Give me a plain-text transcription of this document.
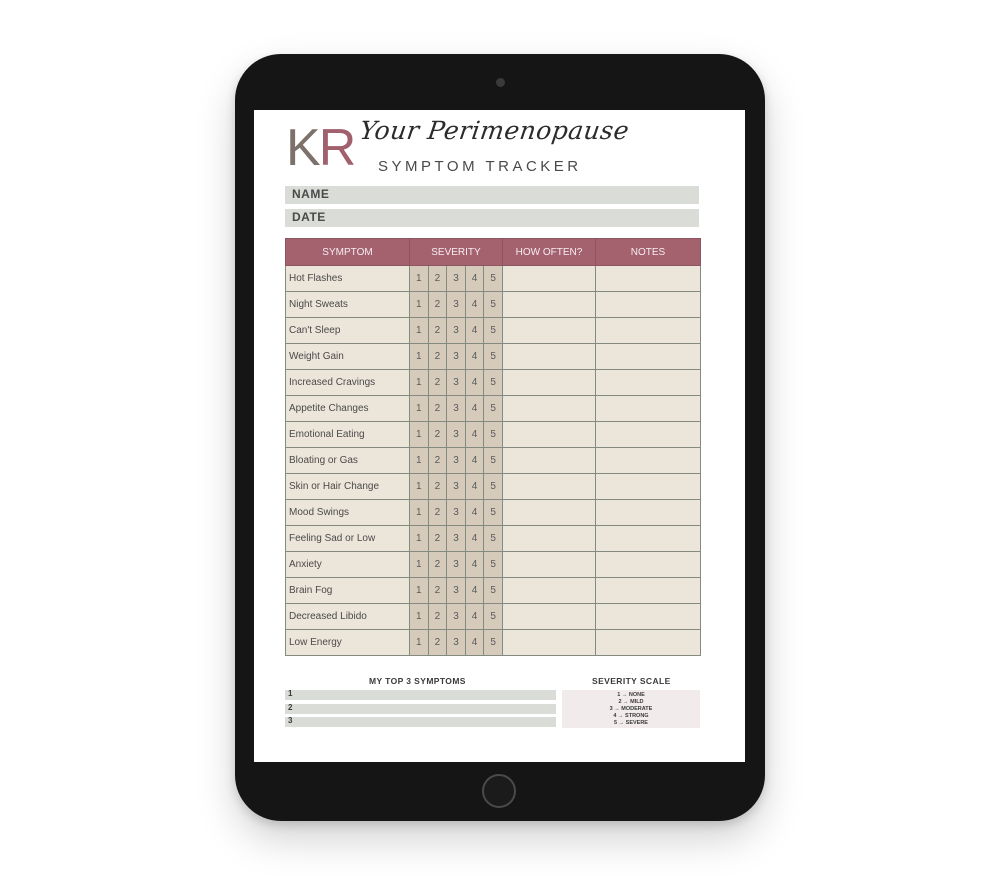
KR Your Perimenopause
SYMPTOM TRACKER
NAME
DATE
SYMPTOM	SEVERITY					HOW OFTEN?	NOTES
Hot Flashes	1	2	3	4	5		
Night Sweats	1	2	3	4	5		
Can't Sleep	1	2	3	4	5		
Weight Gain	1	2	3	4	5		
Increased Cravings	1	2	3	4	5		
Appetite Changes	1	2	3	4	5		
Emotional Eating	1	2	3	4	5		
Bloating or Gas	1	2	3	4	5		
Skin or Hair Change	1	2	3	4	5		
Mood Swings	1	2	3	4	5		
Feeling Sad or Low	1	2	3	4	5		
Anxiety	1	2	3	4	5		
Brain Fog	1	2	3	4	5		
Decreased Libido	1	2	3	4	5		
Low Energy	1	2	3	4	5		
MY TOP 3 SYMPTOMS
1
2
3
SEVERITY SCALE
1 → NONE
2 → MILD
3 → MODERATE
4 → STRONG
5 → SEVERE
